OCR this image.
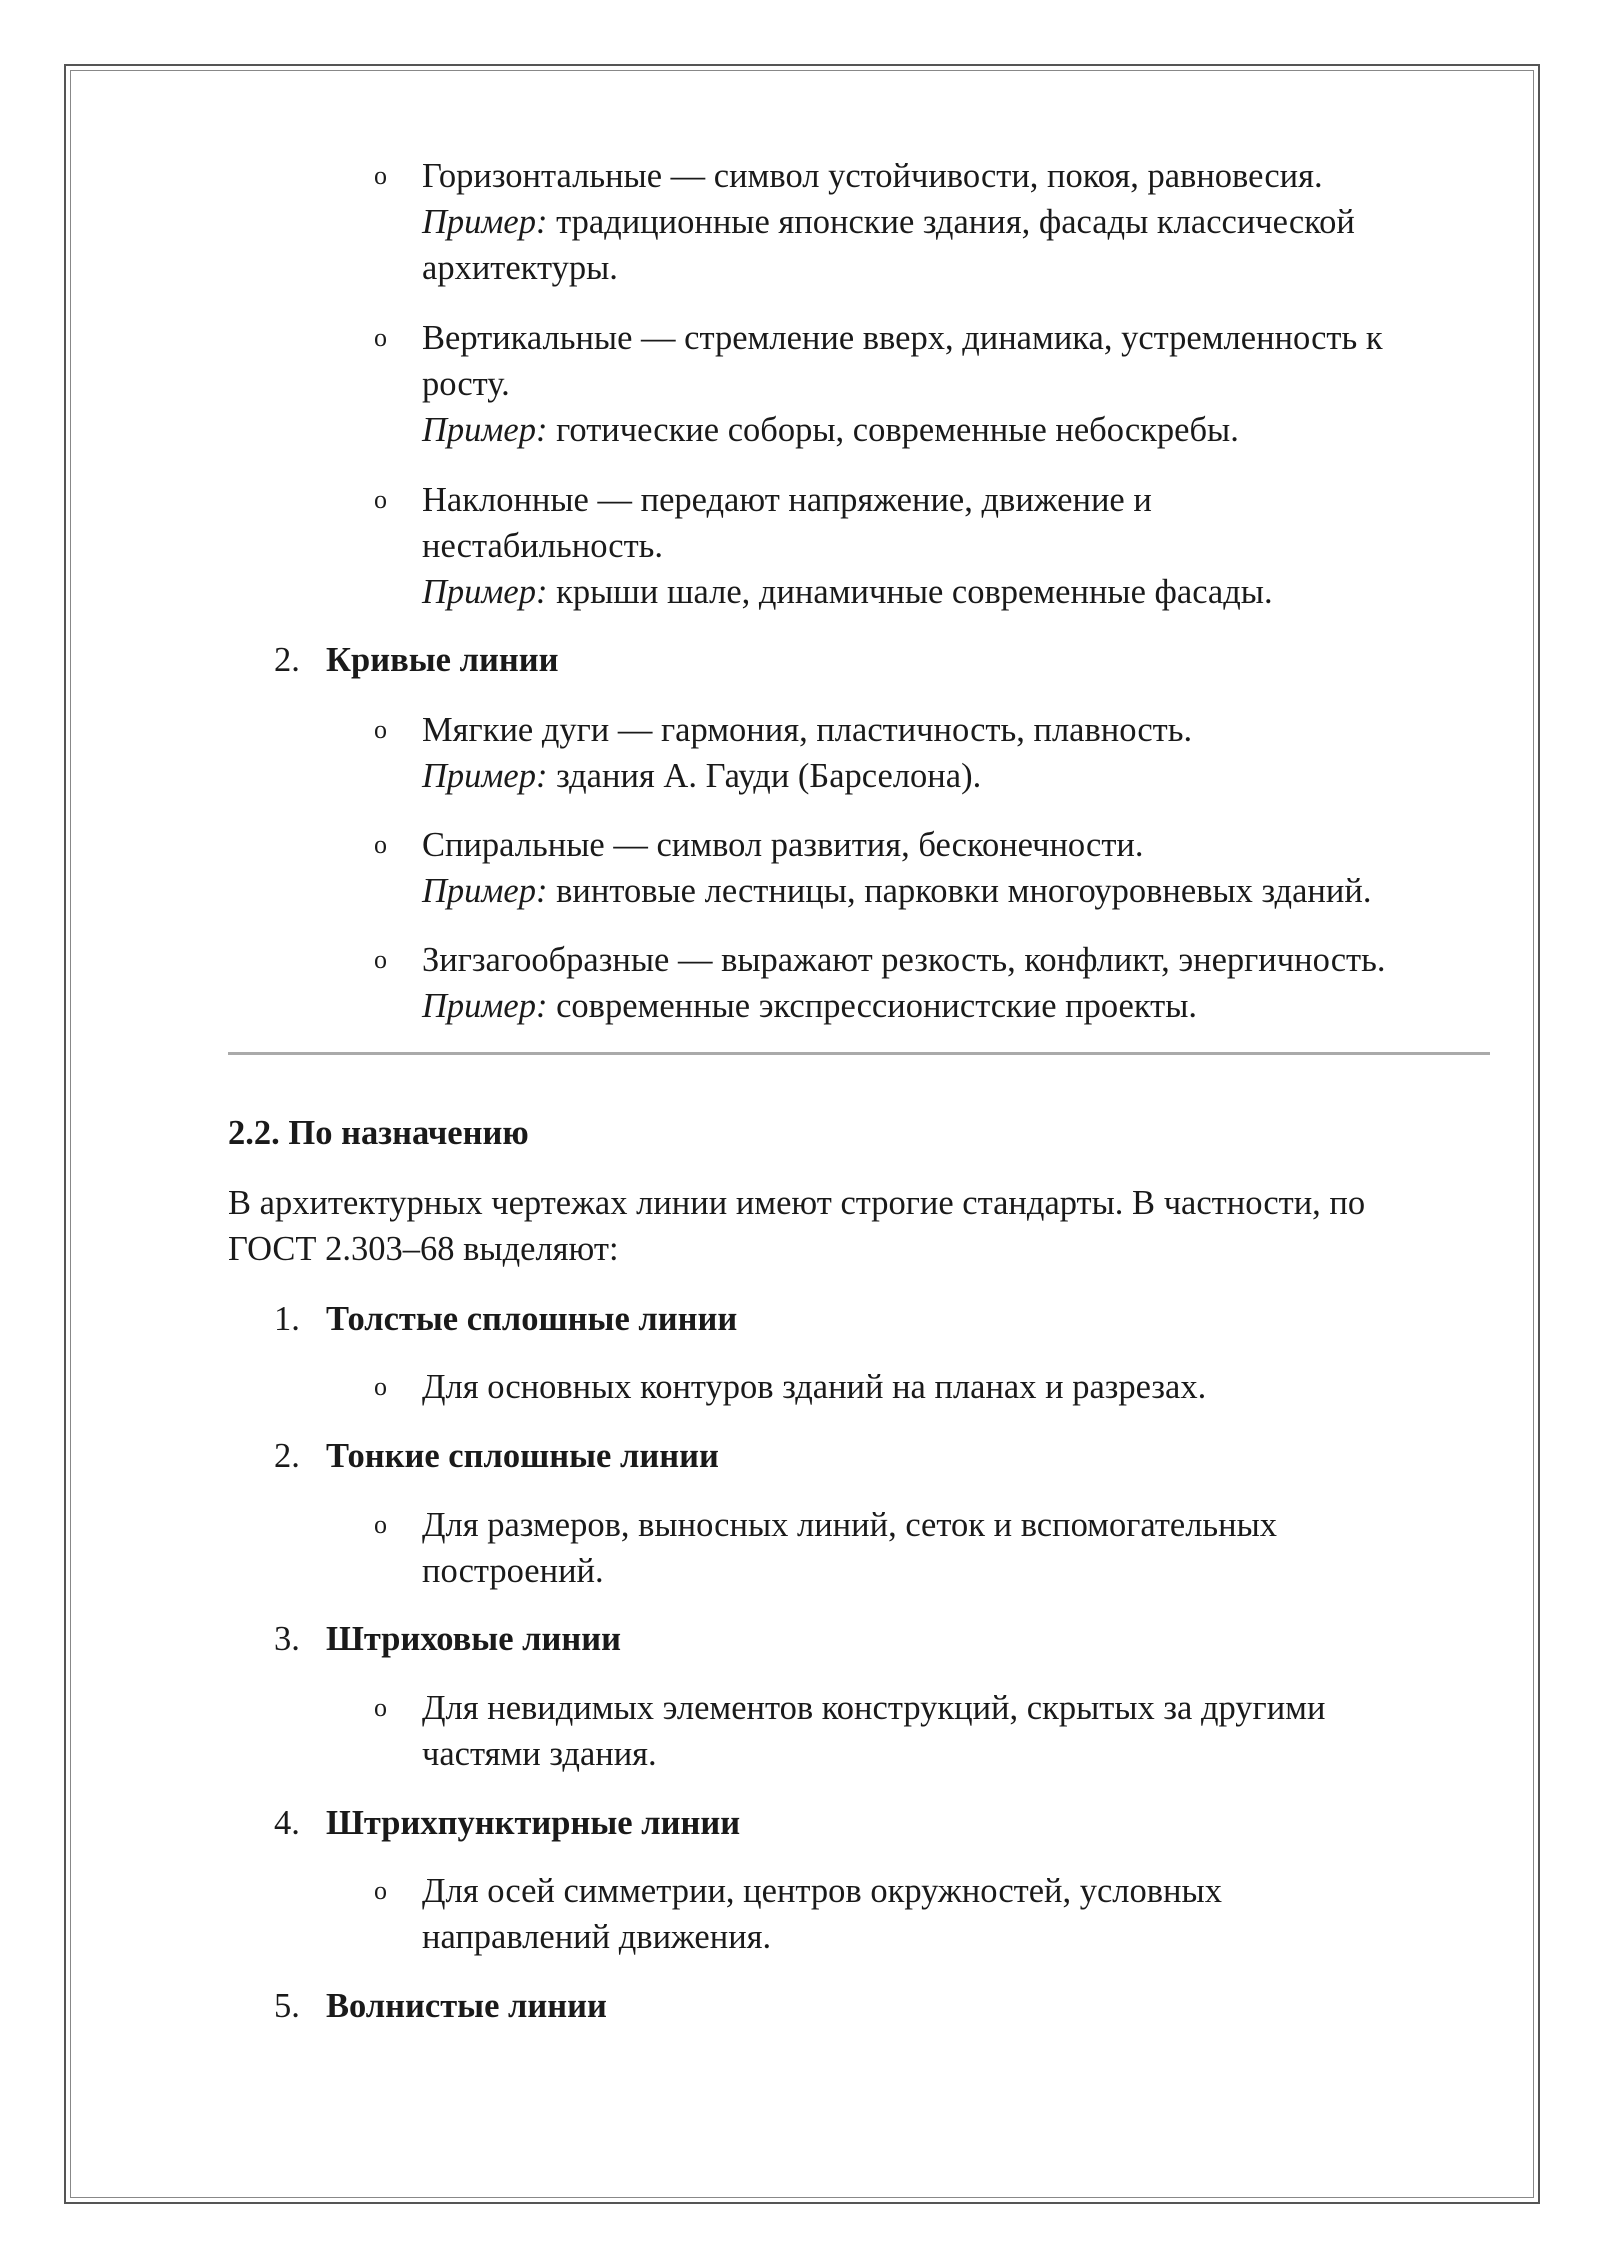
o Горизонтальные — символ устойчивости, покоя, равновесия.
Пример: традиционные японские здания, фасады классической
архитектуры.
o Вертикальные — стремление вверх, динамика, устремленность к
росту.
Пример: готические соборы, современные небоскребы.
o Наклонные — передают напряжение, движение и
нестабильность.
Пример: крыши шале, динамичные современные фасады.
2. Кривые линии
o Мягкие дуги — гармония, пластичность, плавность.
Пример: здания А. Гауди (Барселона).
o Спиральные — символ развития, бесконечности.
Пример: винтовые лестницы, парковки многоуровневых зданий.
o Зигзагообразные — выражают резкость, конфликт, энергичность.
Пример: современные экспрессионистские проекты.
2.2. По назначению
В архитектурных чертежах линии имеют строгие стандарты. В частности, по
ГОСТ 2.303–68 выделяют:
1. Толстые сплошные линии
o Для основных контуров зданий на планах и разрезах.
2. Тонкие сплошные линии
o Для размеров, выносных линий, сеток и вспомогательных
построений.
3. Штриховые линии
o Для невидимых элементов конструкций, скрытых за другими
частями здания.
4. Штрихпунктирные линии
o Для осей симметрии, центров окружностей, условных
направлений движения.
5. Волнистые линии
